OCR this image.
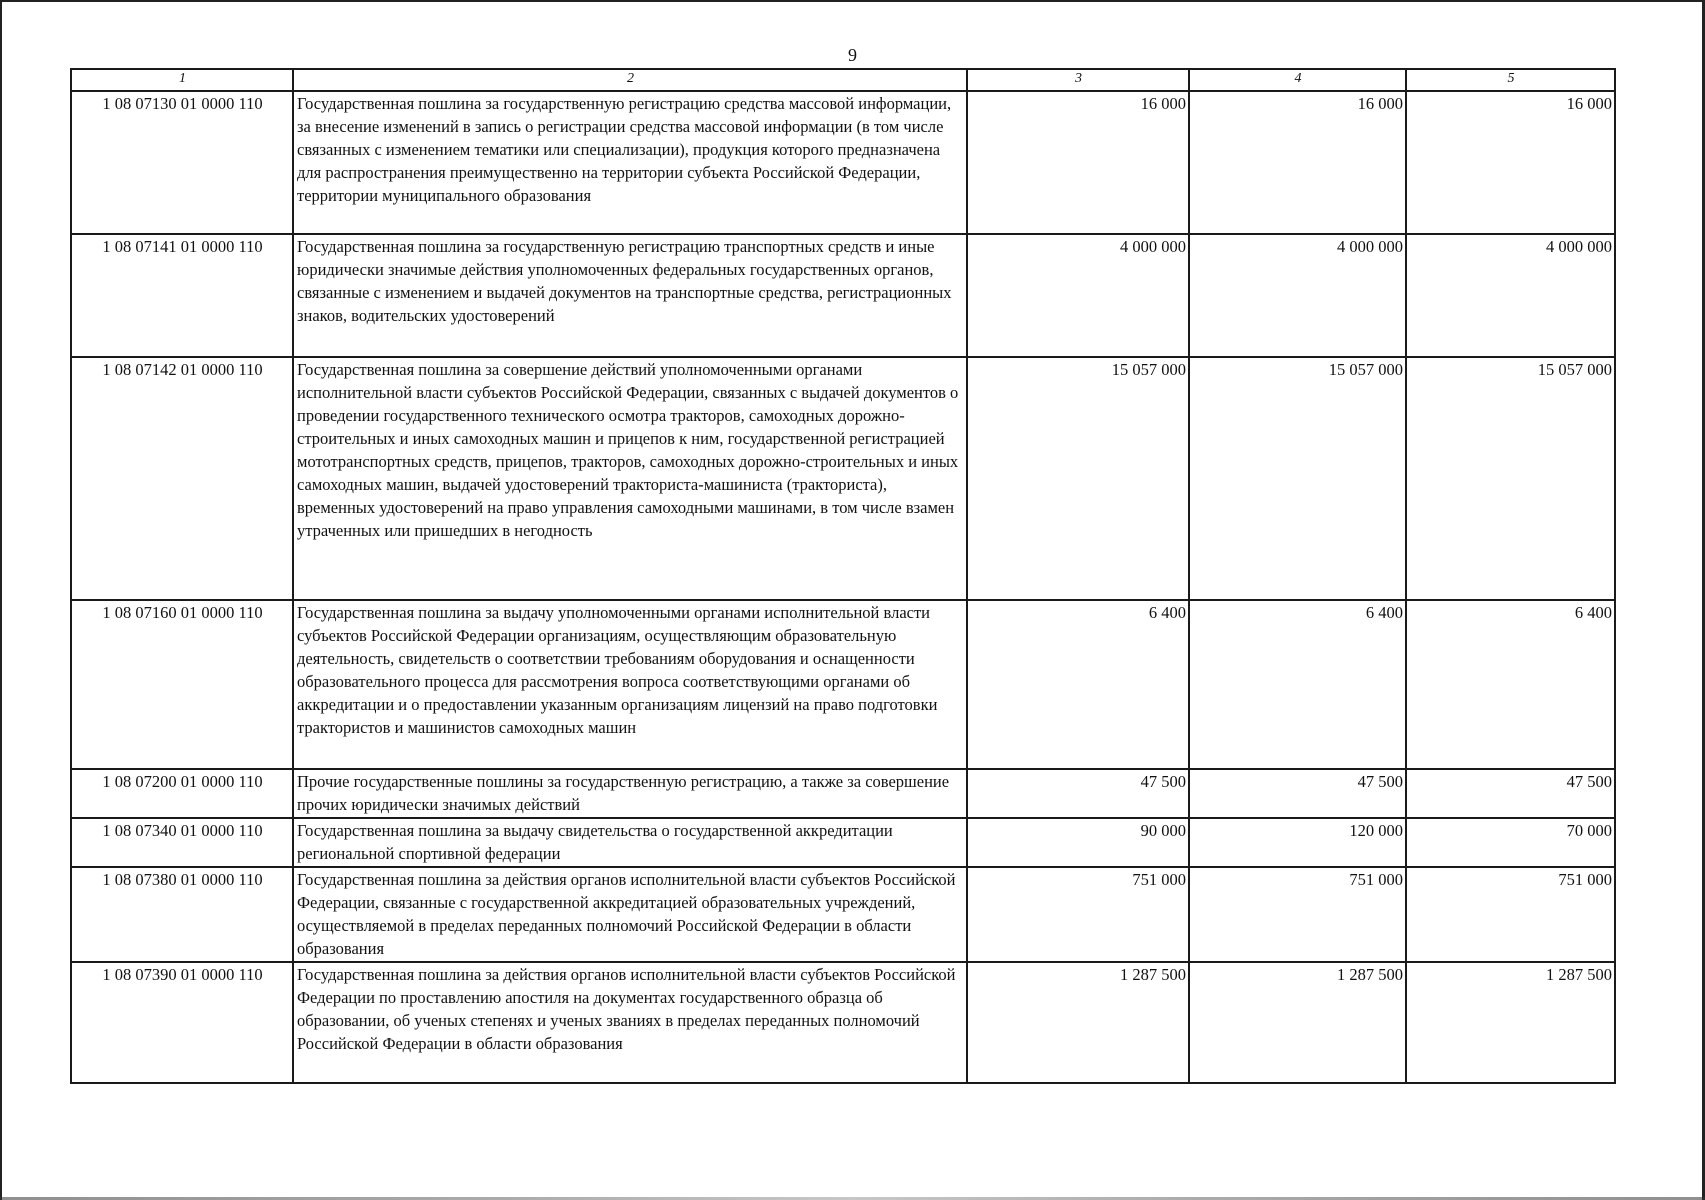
9
1	2	3	4	5
1 08 07130 01 0000 110	Государственная пошлина за государственную регистрацию средства массовой информации, за внесение изменений в запись о регистрации средства массовой информации (в том числе связанных с изменением тематики или специализации), продукция которого предназначена для распространения преимущественно на территории субъекта Российской Федерации, территории муниципального образования	16 000	16 000	16 000
1 08 07141 01 0000 110	Государственная пошлина за государственную регистрацию транспортных средств и иные юридически значимые действия уполномоченных федеральных государственных органов, связанные с изменением и выдачей документов на транспортные средства, регистрационных знаков, водительских удостоверений	4 000 000	4 000 000	4 000 000
1 08 07142 01 0000 110	Государственная пошлина за совершение действий уполномоченными органами исполнительной власти субъектов Российской Федерации, связанных с выдачей документов о проведении государственного технического осмотра тракторов, самоходных дорожно-строительных и иных самоходных машин и прицепов к ним, государственной регистрацией мототранспортных средств, прицепов, тракторов, самоходных дорожно-строительных и иных самоходных машин, выдачей удостоверений тракториста-машиниста (тракториста), временных удостоверений на право управления самоходными машинами, в том числе взамен утраченных или пришедших в негодность	15 057 000	15 057 000	15 057 000
1 08 07160 01 0000 110	Государственная пошлина за выдачу уполномоченными органами исполнительной власти субъектов Российской Федерации организациям, осуществляющим образовательную деятельность, свидетельств о соответствии требованиям оборудования и оснащенности образовательного процесса для рассмотрения вопроса соответствующими органами об аккредитации и о предоставлении указанным организациям лицензий на право подготовки трактористов и машинистов самоходных машин	6 400	6 400	6 400
1 08 07200 01 0000 110	Прочие государственные пошлины за государственную регистрацию, а также за совершение прочих юридически значимых действий	47 500	47 500	47 500
1 08 07340 01 0000 110	Государственная пошлина за выдачу свидетельства о государственной аккредитации региональной спортивной федерации	90 000	120 000	70 000
1 08 07380 01 0000 110	Государственная пошлина за действия органов исполнительной власти субъектов Российской Федерации, связанные с государственной аккредитацией образовательных учреждений, осуществляемой в пределах переданных полномочий Российской Федерации в области образования	751 000	751 000	751 000
1 08 07390 01 0000 110	Государственная пошлина за действия органов исполнительной власти субъектов Российской Федерации по проставлению апостиля на документах государственного образца об образовании, об ученых степенях и ученых званиях в пределах переданных полномочий Российской Федерации в области образования	1 287 500	1 287 500	1 287 500
